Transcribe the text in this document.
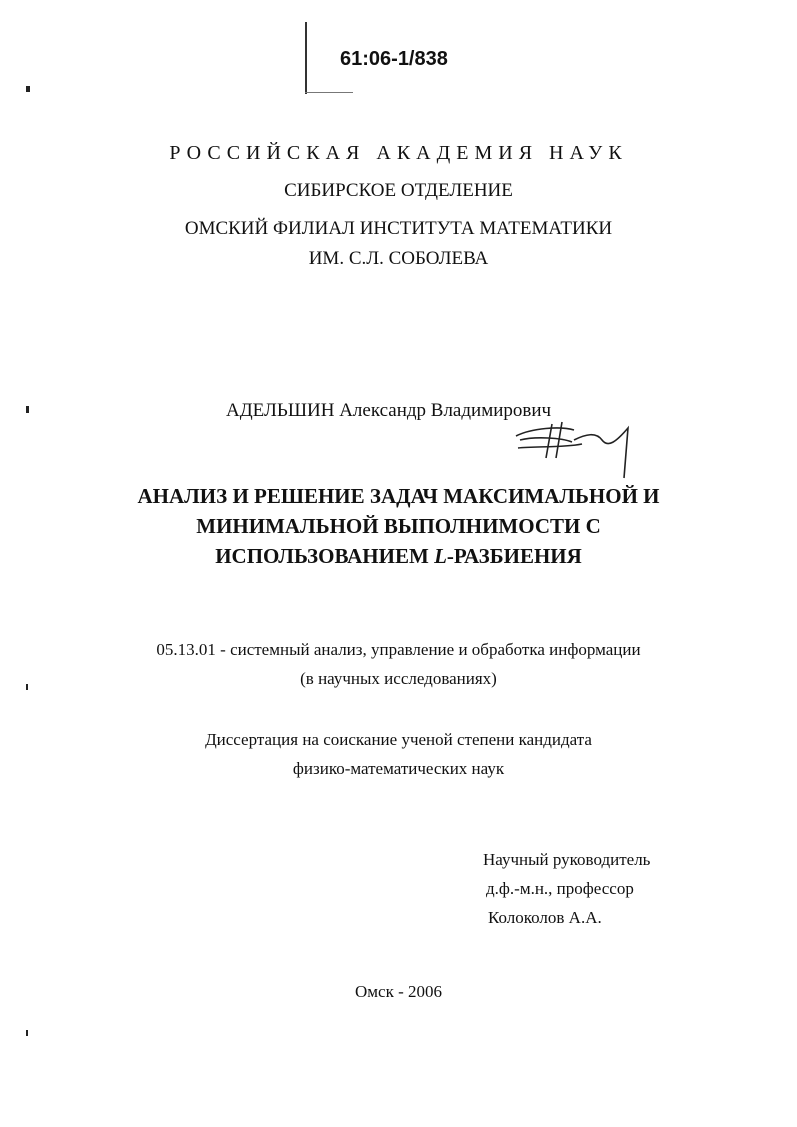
61:06-1/838
РОССИЙСКАЯ АКАДЕМИЯ НАУК
СИБИРСКОЕ ОТДЕЛЕНИЕ
ОМСКИЙ ФИЛИАЛ ИНСТИТУТА МАТЕМАТИКИ
ИМ. С.Л. СОБОЛЕВА
АДЕЛЬШИН Александр Владимирович
АНАЛИЗ И РЕШЕНИЕ ЗАДАЧ МАКСИМАЛЬНОЙ И
МИНИМАЛЬНОЙ ВЫПОЛНИМОСТИ С
ИСПОЛЬЗОВАНИЕМ L-РАЗБИЕНИЯ
05.13.01 - системный анализ, управление и обработка информации
(в научных исследованиях)
Диссертация на соискание ученой степени кандидата
физико-математических наук
Научный руководитель
д.ф.-м.н., профессор
Колоколов А.А.
Омск - 2006
